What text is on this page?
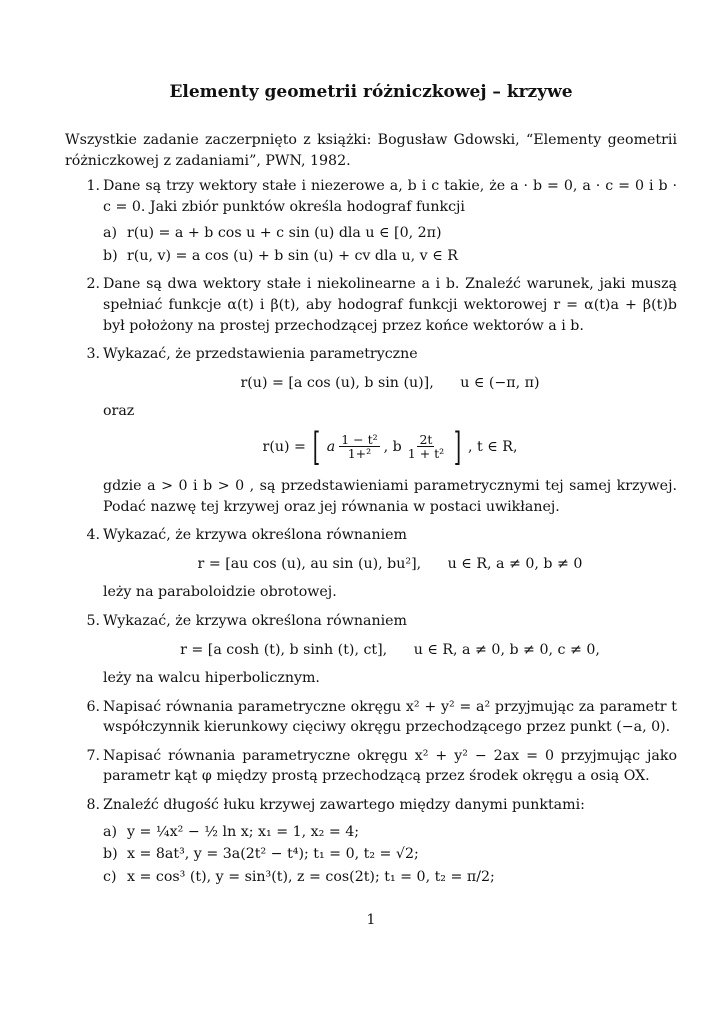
Elementy geometrii różniczkowej – krzywe

Wszystkie zadanie zaczerpnięto z książki: Bogusław Gdowski, “Elementy geometrii różniczkowej z zadaniami”, PWN, 1982.

1. Dane są trzy wektory stałe i niezerowe a, b i c takie, że a · b = 0, a · c = 0 i b · c = 0. Jaki zbiór punktów określa hodograf funkcji

a) r(u) = a + b cos u + c sin (u) dla u ∈ [0, 2π)
b) r(u, v) = a cos (u) + b sin (u) + cv dla u, v ∈ R
2. Dane są dwa wektory stałe i niekolinearne a i b. Znaleźć warunek, jaki muszą spełniać funkcje α(t) i β(t), aby hodograf funkcji wektorowej r = α(t)a + β(t)b był położony na prostej przechodzącej przez końce wektorów a i b.

3. Wykazać, że przedstawienia parametryczne

r(u) = [a cos (u), b sin (u)], u ∈ (−π, π)

oraz

r(u) = [ a $\frac{\text{1 − t²}}{\text{1+²}}$ , b $\frac{2t}{\text{1 + t²}}$ ] , t ∈ R,

gdzie a > 0 i b > 0 , są przedstawieniami parametrycznymi tej samej krzywej. Podać nazwę tej krzywej oraz jej równania w postaci uwikłanej.

4. Wykazać, że krzywa określona równaniem

r = [au cos (u), au sin (u), bu²], u ∈ R, a ≠ 0, b ≠ 0

leży na paraboloidzie obrotowej.

5. Wykazać, że krzywa określona równaniem

r = [a cosh (t), b sinh (t), ct], u ∈ R, a ≠ 0, b ≠ 0, c ≠ 0,

leży na walcu hiperbolicznym.

6. Napisać równania parametryczne okręgu x² + y² = a² przyjmując za parametr t współczynnik kierunkowy cięciwy okręgu przechodzącego przez punkt (−a, 0).

7. Napisać równania parametryczne okręgu x² + y² − 2ax = 0 przyjmując jako parametr kąt φ między prostą przechodzącą przez środek okręgu a osią OX.

8. Znaleźć długość łuku krzywej zawartego między danymi punktami:

a) y = ¼x² − ½ ln x; x₁ = 1, x₂ = 4;
b) x = 8at³, y = 3a(2t² − t⁴); t₁ = 0, t₂ = √2;
c) x = cos³ (t), y = sin³(t), z = cos(2t); t₁ = 0, t₂ = π/2;
1
